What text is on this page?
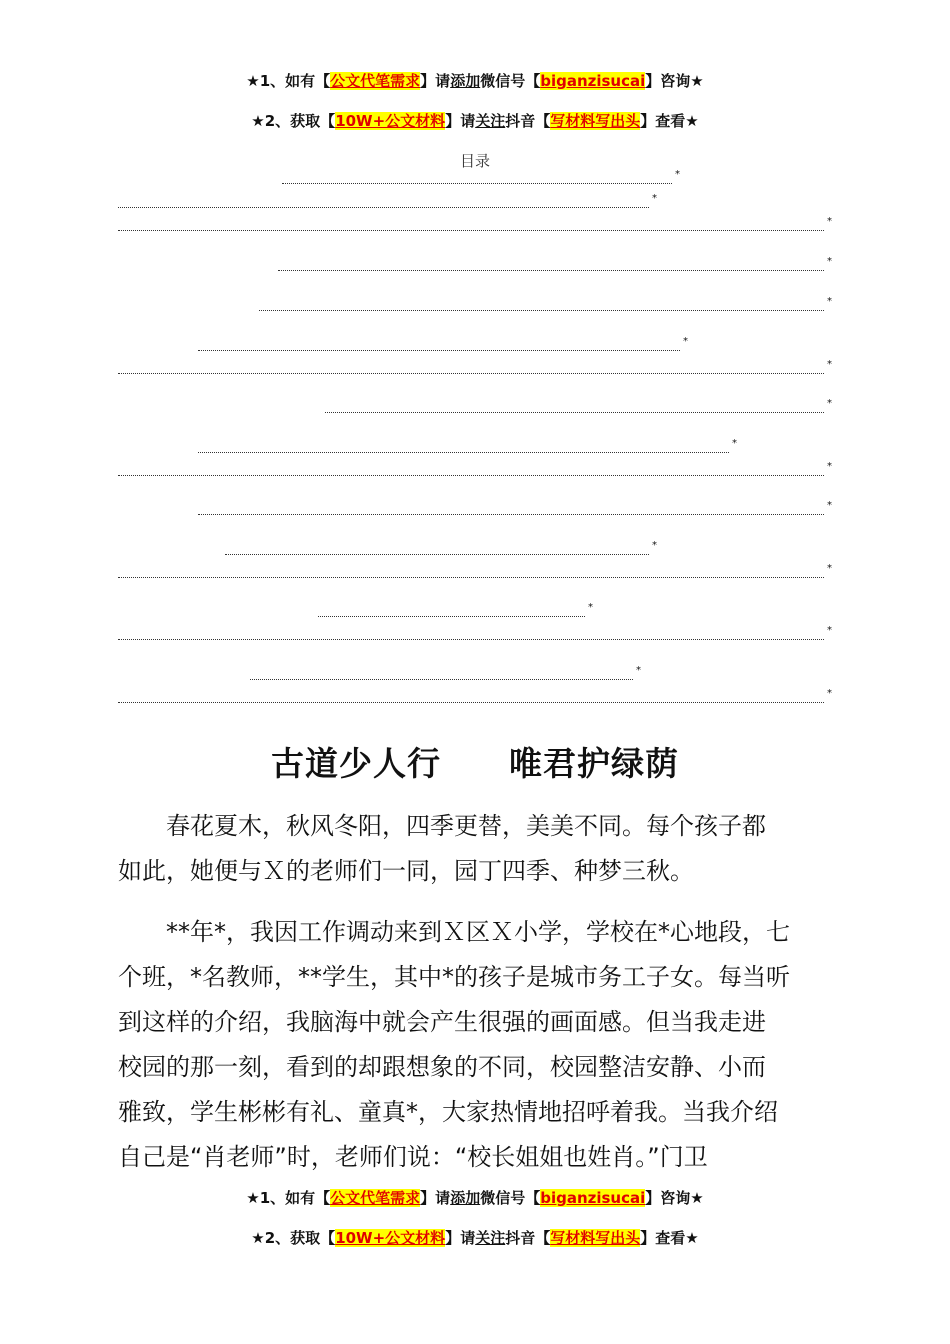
★1、如有【公文代笔需求】请添加微信号【biganzisucai】咨询★
★2、获取【10W+公文材料】请关注抖音【写材料写出头】查看★
目录
*
*
*
*
*
*
*
*
*
*
*
*
*
*
*
*
*
古道少人行　　唯君护绿荫
春花夏木，秋风冬阳，四季更替，美美不同。每个孩子都
如此，她便与Ｘ的老师们一同，园丁四季、种梦三秋。
**年*，我因工作调动来到Ｘ区Ｘ小学，学校在*心地段，七
个班，*名教师，**学生，其中*的孩子是城市务工子女。每当听
到这样的介绍，我脑海中就会产生很强的画面感。但当我走进
校园的那一刻，看到的却跟想象的不同，校园整洁安静、小而
雅致，学生彬彬有礼、童真*，大家热情地招呼着我。当我介绍
自己是“肖老师”时，老师们说：“校长姐姐也姓肖。”门卫
★1、如有【公文代笔需求】请添加微信号【biganzisucai】咨询★
★2、获取【10W+公文材料】请关注抖音【写材料写出头】查看★
